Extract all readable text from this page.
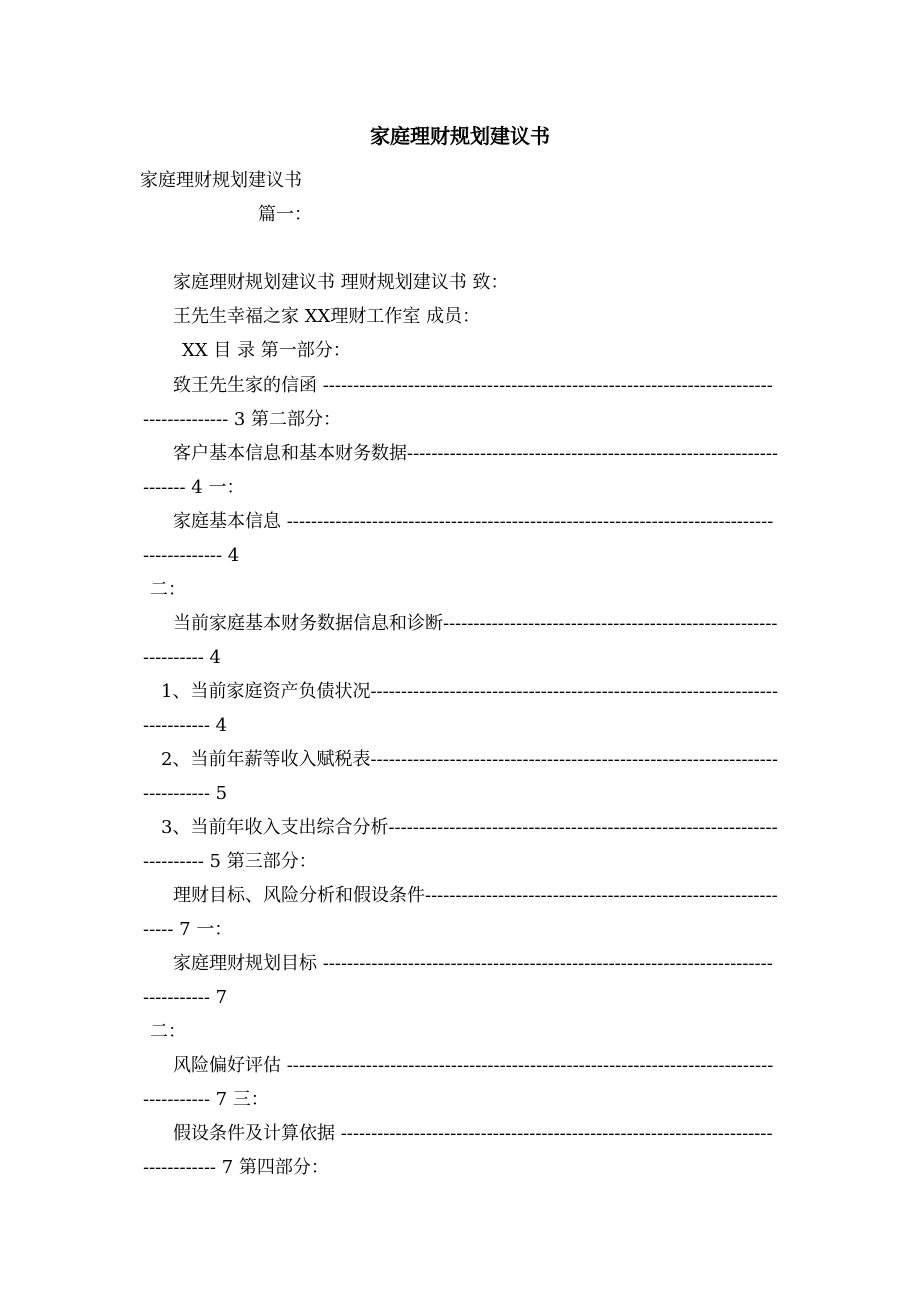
家庭理财规划建议书
家庭理财规划建议书
篇一：
家庭理财规划建议书 理财规划建议书 致：
王先生幸福之家 XX理财工作室 成员：
XX 目 录 第一部分：
致王先生家的信函 ---------------------------------------------------------------------------------------- 3 第二部分：
客户基本信息和基本财务数据-------------------------------------------------------------------- 4 一：
家庭基本信息 --------------------------------------------------------------------------------------------- 4
二：
当前家庭基本财务数据信息和诊断----------------------------------------------------------------- 4
1、当前家庭资产负债状况------------------------------------------------------------------------------ 4
2、当前年薪等收入赋税表------------------------------------------------------------------------------ 5
3、当前年收入支出综合分析-------------------------------------------------------------------------- 5 第三部分：
理财目标、风险分析和假设条件--------------------------------------------------------------- 7 一：
家庭理财规划目标 ------------------------------------------------------------------------------------- 7
二：
风险偏好评估 ------------------------------------------------------------------------------------------- 7 三：
假设条件及计算依据 ----------------------------------------------------------------------------------- 7 第四部分：
